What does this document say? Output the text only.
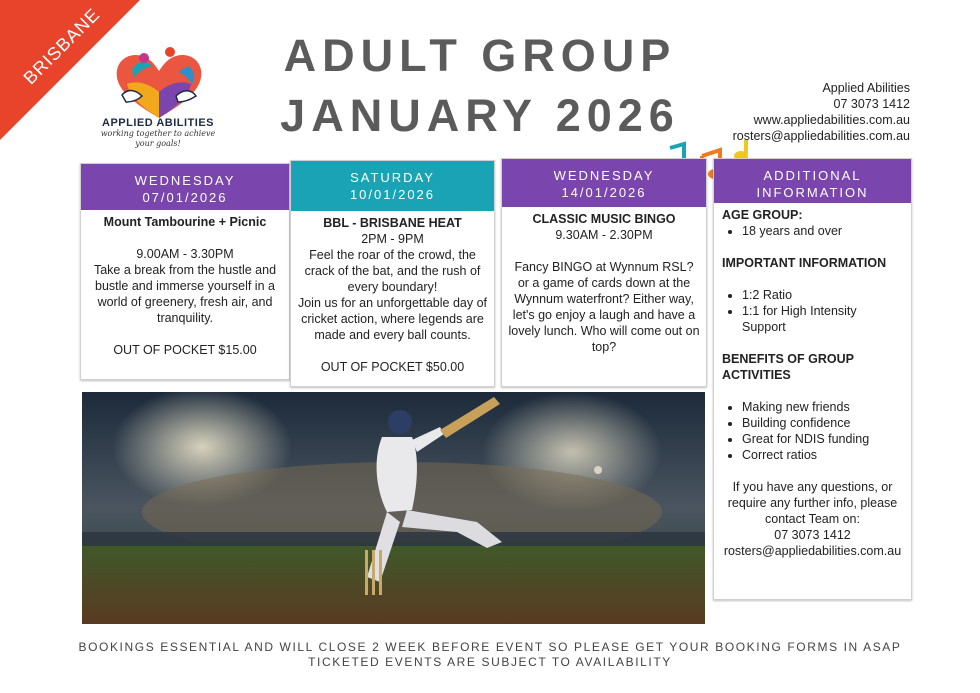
BRISBANE
APPLIED ABILITIES
working together to achieve your goals!
ADULT GROUP
JANUARY 2026
Applied Abilities
07 3073 1412
www.appliedabilities.com.au
rosters@appliedabilities.com.au
WEDNESDAY
07/01/2026
Mount Tambourine + Picnic
9.00AM - 3.30PM
Take a break from the hustle and bustle and immerse yourself in a world of greenery, fresh air, and tranquility.
OUT OF POCKET $15.00
SATURDAY
10/01/2026
BBL - BRISBANE HEAT
2PM - 9PM
Feel the roar of the crowd, the crack of the bat, and the rush of every boundary!
Join us for an unforgettable day of cricket action, where legends are made and every ball counts.
OUT OF POCKET $50.00
WEDNESDAY
14/01/2026
CLASSIC MUSIC BINGO
9.30AM - 2.30PM
Fancy BINGO at Wynnum RSL? or a game of cards down at the Wynnum waterfront? Either way, let's go enjoy a laugh and have a lovely lunch. Who will come out on top?
ADDITIONAL
INFORMATION
AGE GROUP:
• 18 years and over
IMPORTANT INFORMATION
• 1:2 Ratio
• 1:1 for High Intensity Support
BENEFITS OF GROUP ACTIVITIES
• Making new friends
• Building confidence
• Great for NDIS funding
• Correct ratios
If you have any questions, or require any further info, please contact Team on:
07 3073 1412
rosters@appliedabilities.com.au
BOOKINGS ESSENTIAL AND WILL CLOSE 2 WEEK BEFORE EVENT SO PLEASE GET YOUR BOOKING FORMS IN ASAP
TICKETED EVENTS ARE SUBJECT TO AVAILABILITY
